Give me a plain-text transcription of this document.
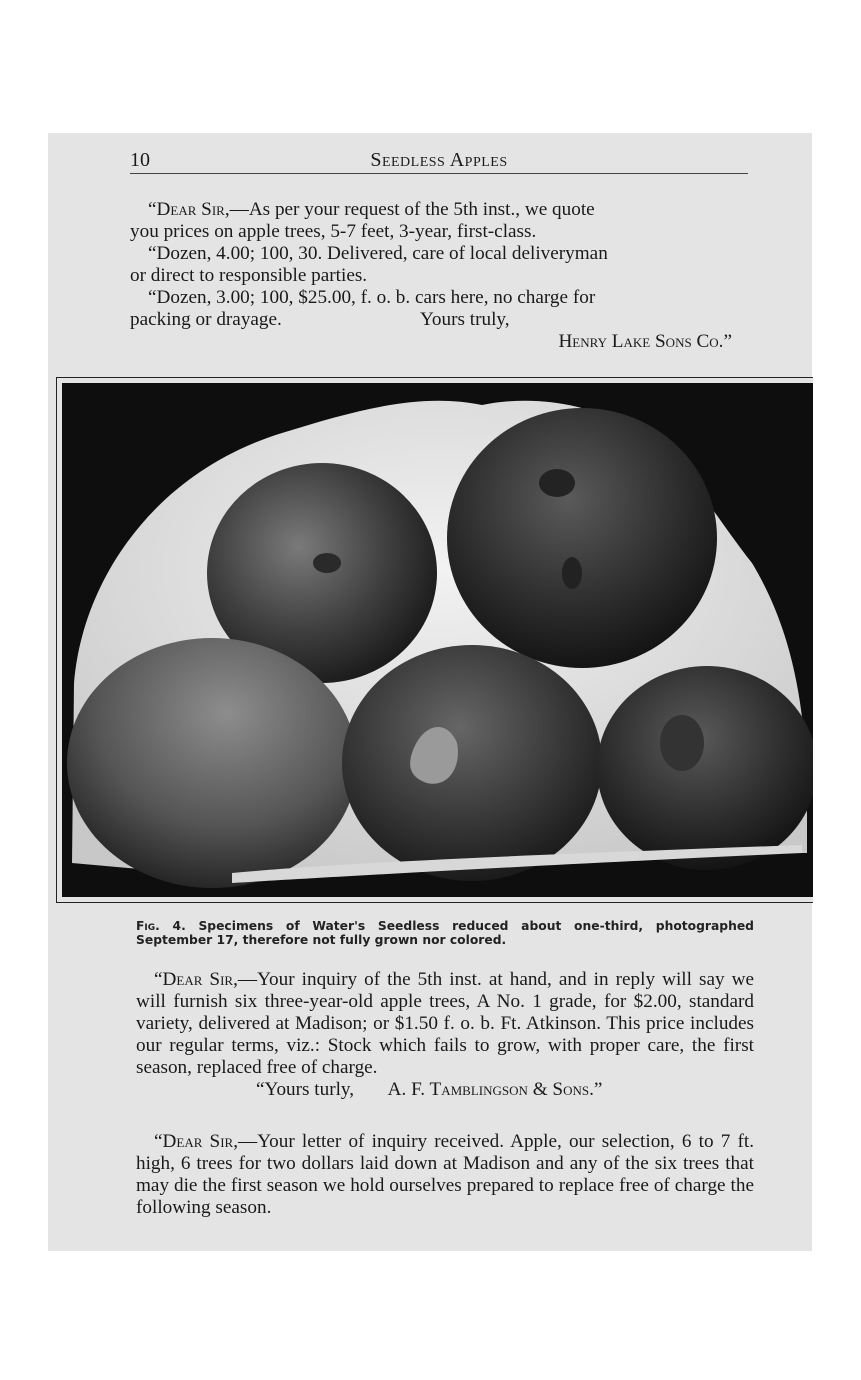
10	Seedless Apples
“Dear Sir,—As per your request of the 5th inst., we quote
you prices on apple trees, 5-7 feet, 3-year, first-class.
“Dozen, 4.00; 100, 30. Delivered, care of local deliveryman
or direct to responsible parties.
“Dozen, 3.00; 100, $25.00, f. o. b. cars here, no charge for
packing or drayage.	Yours truly,
Henry Lake Sons Co.”

Fig. 4. Specimens of Water's Seedless reduced about one-third, photographed September 17, therefore not fully grown nor colored.

“Dear Sir,—Your inquiry of the 5th inst. at hand, and in reply will say we will furnish six three-year-old apple trees, A No. 1 grade, for $2.00, standard variety, delivered at Madison; or $1.50 f. o. b. Ft. Atkinson. This price includes our regular terms, viz.: Stock which fails to grow, with proper care, the first season, replaced free of charge.
“Yours turly, A. F. Tamblingson & Sons.”

“Dear Sir,—Your letter of inquiry received. Apple, our selection, 6 to 7 ft. high, 6 trees for two dollars laid down at Madison and any of the six trees that may die the first season we hold ourselves prepared to replace free of charge the following season.
